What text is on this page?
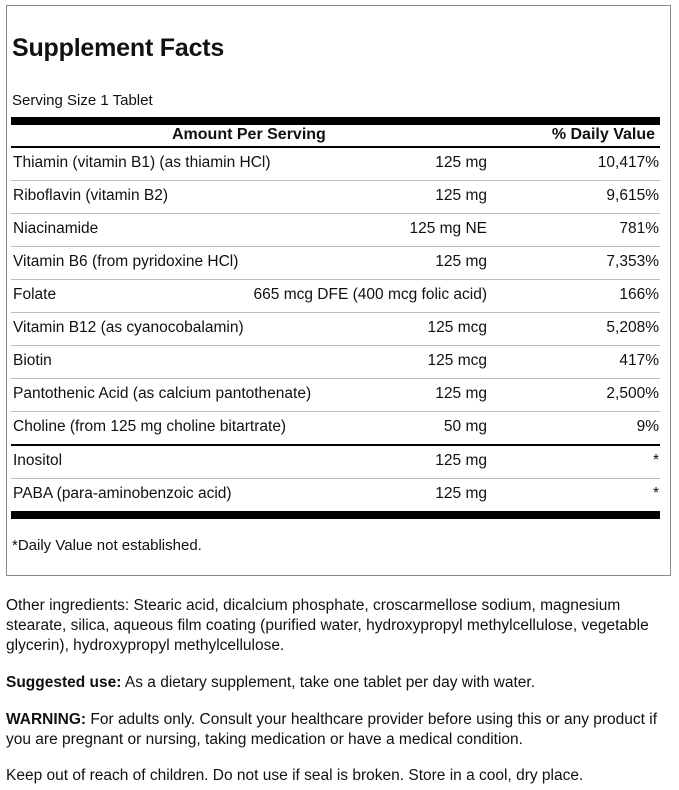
Supplement Facts
Serving Size 1 Tablet
Amount Per Serving	% Daily Value
Thiamin (vitamin B1) (as thiamin HCl)	125 mg	10,417%
Riboflavin (vitamin B2)	125 mg	9,615%
Niacinamide	125 mg NE	781%
Vitamin B6 (from pyridoxine HCl)	125 mg	7,353%
Folate	665 mcg DFE (400 mcg folic acid)	166%
Vitamin B12 (as cyanocobalamin)	125 mcg	5,208%
Biotin	125 mcg	417%
Pantothenic Acid (as calcium pantothenate)	125 mg	2,500%
Choline (from 125 mg choline bitartrate)	50 mg	9%
Inositol	125 mg	*
PABA (para-aminobenzoic acid)	125 mg	*
*Daily Value not established.
Other ingredients: Stearic acid, dicalcium phosphate, croscarmellose sodium, magnesium stearate, silica, aqueous film coating (purified water, hydroxypropyl methylcellulose, vegetable glycerin), hydroxypropyl methylcellulose.
Suggested use: As a dietary supplement, take one tablet per day with water.
WARNING: For adults only. Consult your healthcare provider before using this or any product if you are pregnant or nursing, taking medication or have a medical condition.
Keep out of reach of children. Do not use if seal is broken. Store in a cool, dry place.
